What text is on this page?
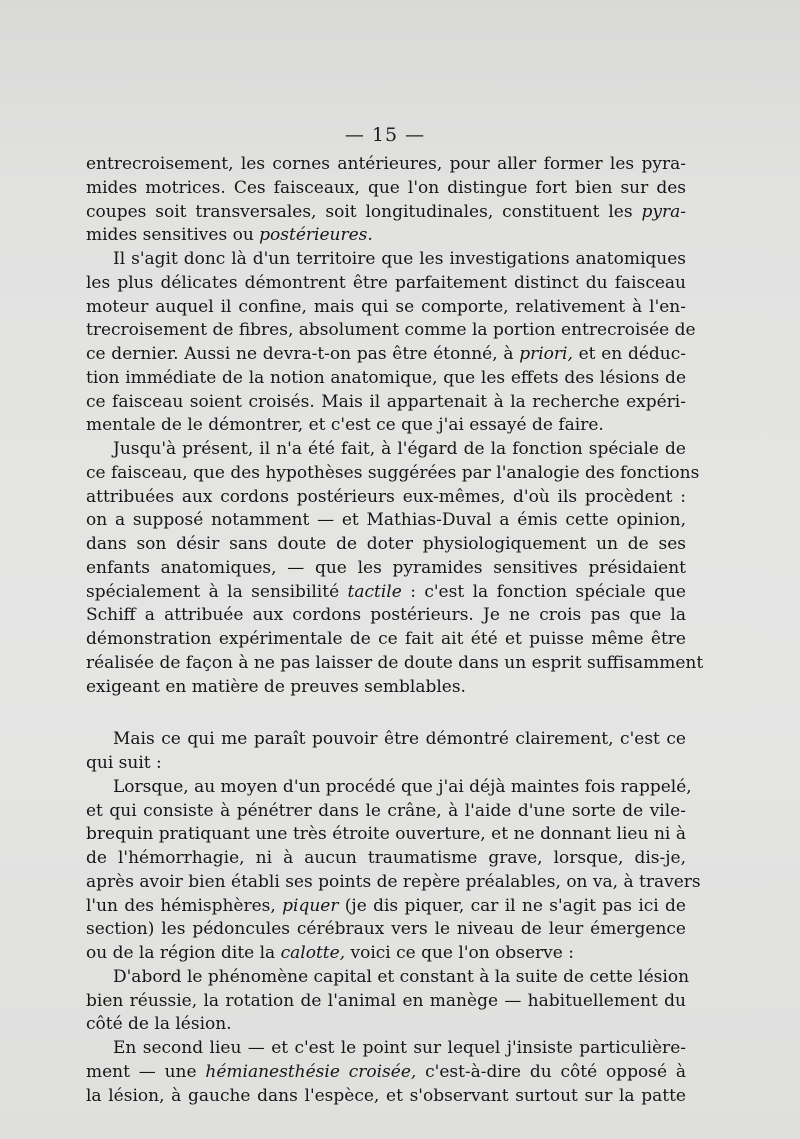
— 15 —

entrecroisement, les cornes antérieures, pour aller former les pyra-
mides motrices. Ces faisceaux, que l'on distingue fort bien sur des
coupes soit transversales, soit longitudinales, constituent les pyra-
mides sensitives ou postérieures.

Il s'agit donc là d'un territoire que les investigations anatomiques
les plus délicates démontrent être parfaitement distinct du faisceau
moteur auquel il confine, mais qui se comporte, relativement à l'en-
trecroisement de fibres, absolument comme la portion entrecroisée de
ce dernier. Aussi ne devra-t-on pas être étonné, à priori, et en déduc-
tion immédiate de la notion anatomique, que les effets des lésions de
ce faisceau soient croisés. Mais il appartenait à la recherche expéri-
mentale de le démontrer, et c'est ce que j'ai essayé de faire.

Jusqu'à présent, il n'a été fait, à l'égard de la fonction spéciale de
ce faisceau, que des hypothèses suggérées par l'analogie des fonctions
attribuées aux cordons postérieurs eux-mêmes, d'où ils procèdent :
on a supposé notamment — et Mathias-Duval a émis cette opinion,
dans son désir sans doute de doter physiologiquement un de ses
enfants anatomiques, — que les pyramides sensitives présidaient
spécialement à la sensibilité tactile : c'est la fonction spéciale que
Schiff a attribuée aux cordons postérieurs. Je ne crois pas que la
démonstration expérimentale de ce fait ait été et puisse même être
réalisée de façon à ne pas laisser de doute dans un esprit suffisamment
exigeant en matière de preuves semblables.

Mais ce qui me paraît pouvoir être démontré clairement, c'est ce
qui suit :

Lorsque, au moyen d'un procédé que j'ai déjà maintes fois rappelé,
et qui consiste à pénétrer dans le crâne, à l'aide d'une sorte de vile-
brequin pratiquant une très étroite ouverture, et ne donnant lieu ni à
de l'hémorrhagie, ni à aucun traumatisme grave, lorsque, dis-je,
après avoir bien établi ses points de repère préalables, on va, à travers
l'un des hémisphères, piquer (je dis piquer, car il ne s'agit pas ici de
section) les pédoncules cérébraux vers le niveau de leur émergence
ou de la région dite la calotte, voici ce que l'on observe :

D'abord le phénomène capital et constant à la suite de cette lésion
bien réussie, la rotation de l'animal en manège — habituellement du
côté de la lésion.

En second lieu — et c'est le point sur lequel j'insiste particulière-
ment — une hémianesthésie croisée, c'est-à-dire du côté opposé à
la lésion, à gauche dans l'espèce, et s'observant surtout sur la patte
